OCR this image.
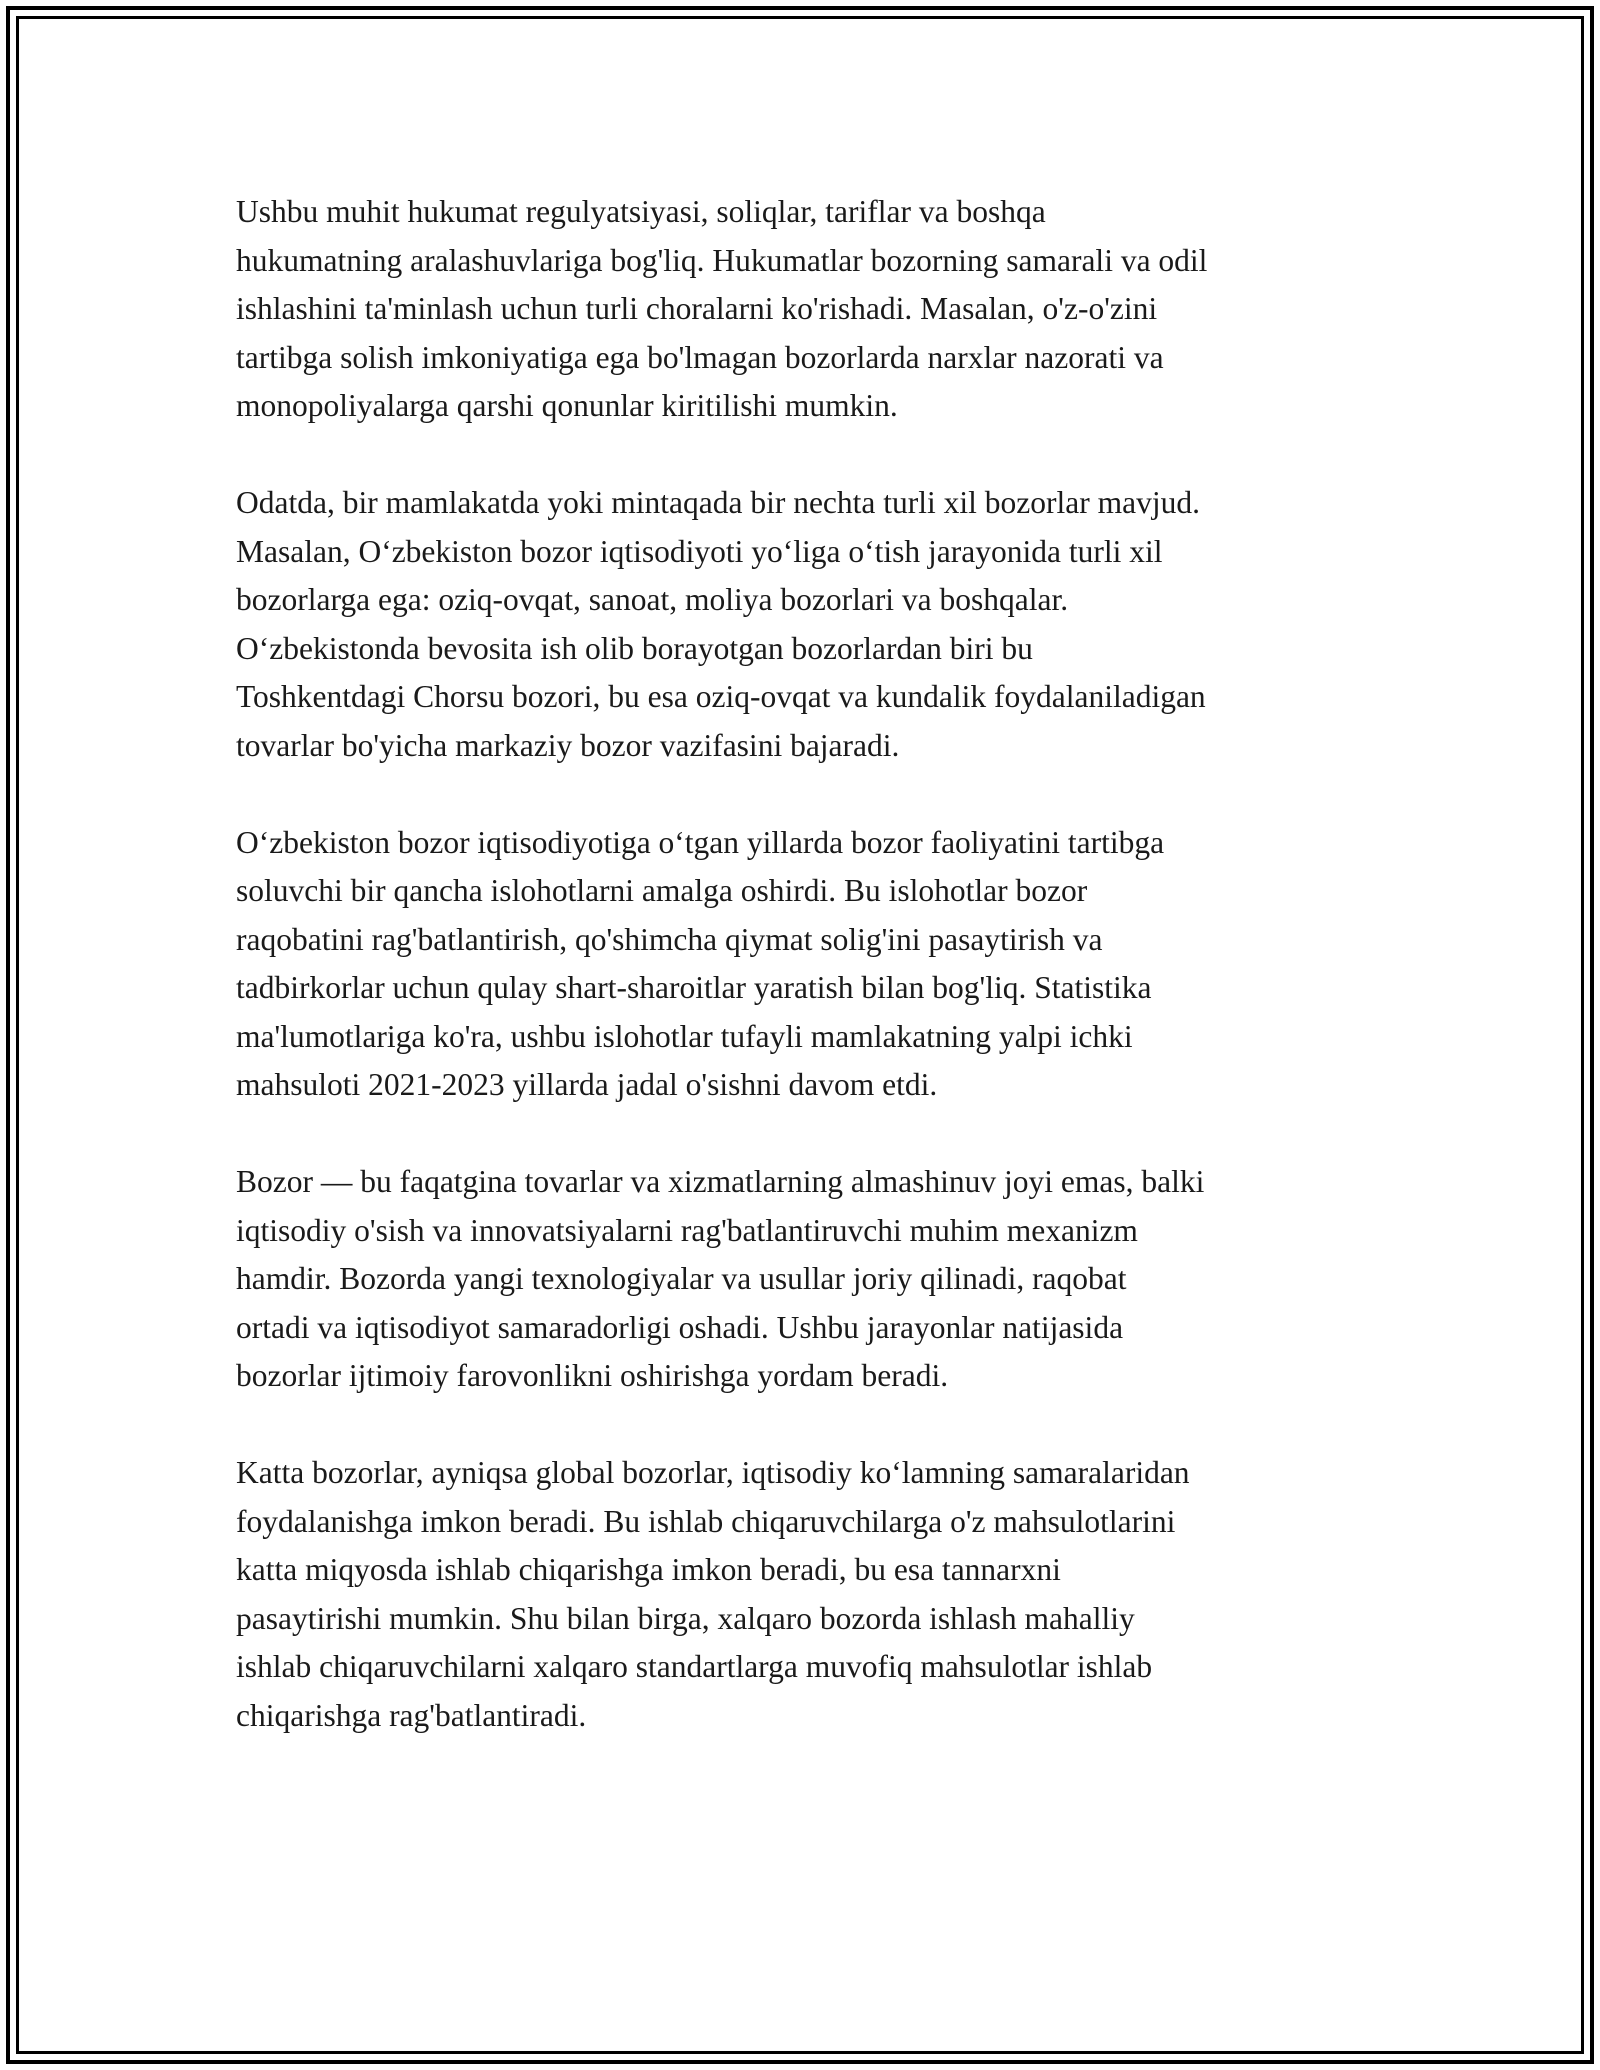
Ushbu muhit hukumat regulyatsiyasi, soliqlar, tariflar va boshqa
hukumatning aralashuvlariga bog'liq. Hukumatlar bozorning samarali va odil
ishlashini ta'minlash uchun turli choralarni ko'rishadi. Masalan, o'z-o'zini
tartibga solish imkoniyatiga ega bo'lmagan bozorlarda narxlar nazorati va
monopoliyalarga qarshi qonunlar kiritilishi mumkin.

Odatda, bir mamlakatda yoki mintaqada bir nechta turli xil bozorlar mavjud.
Masalan, O‘zbekiston bozor iqtisodiyoti yo‘liga o‘tish jarayonida turli xil
bozorlarga ega: oziq-ovqat, sanoat, moliya bozorlari va boshqalar.
O‘zbekistonda bevosita ish olib borayotgan bozorlardan biri bu
Toshkentdagi Chorsu bozori, bu esa oziq-ovqat va kundalik foydalaniladigan
tovarlar bo'yicha markaziy bozor vazifasini bajaradi.

O‘zbekiston bozor iqtisodiyotiga o‘tgan yillarda bozor faoliyatini tartibga
soluvchi bir qancha islohotlarni amalga oshirdi. Bu islohotlar bozor
raqobatini rag'batlantirish, qo'shimcha qiymat solig'ini pasaytirish va
tadbirkorlar uchun qulay shart-sharoitlar yaratish bilan bog'liq. Statistika
ma'lumotlariga ko'ra, ushbu islohotlar tufayli mamlakatning yalpi ichki
mahsuloti 2021-2023 yillarda jadal o'sishni davom etdi.

Bozor — bu faqatgina tovarlar va xizmatlarning almashinuv joyi emas, balki
iqtisodiy o'sish va innovatsiyalarni rag'batlantiruvchi muhim mexanizm
hamdir. Bozorda yangi texnologiyalar va usullar joriy qilinadi, raqobat
ortadi va iqtisodiyot samaradorligi oshadi. Ushbu jarayonlar natijasida
bozorlar ijtimoiy farovonlikni oshirishga yordam beradi.

Katta bozorlar, ayniqsa global bozorlar, iqtisodiy ko‘lamning samaralaridan
foydalanishga imkon beradi. Bu ishlab chiqaruvchilarga o'z mahsulotlarini
katta miqyosda ishlab chiqarishga imkon beradi, bu esa tannarxni
pasaytirishi mumkin. Shu bilan birga, xalqaro bozorda ishlash mahalliy
ishlab chiqaruvchilarni xalqaro standartlarga muvofiq mahsulotlar ishlab
chiqarishga rag'batlantiradi.
